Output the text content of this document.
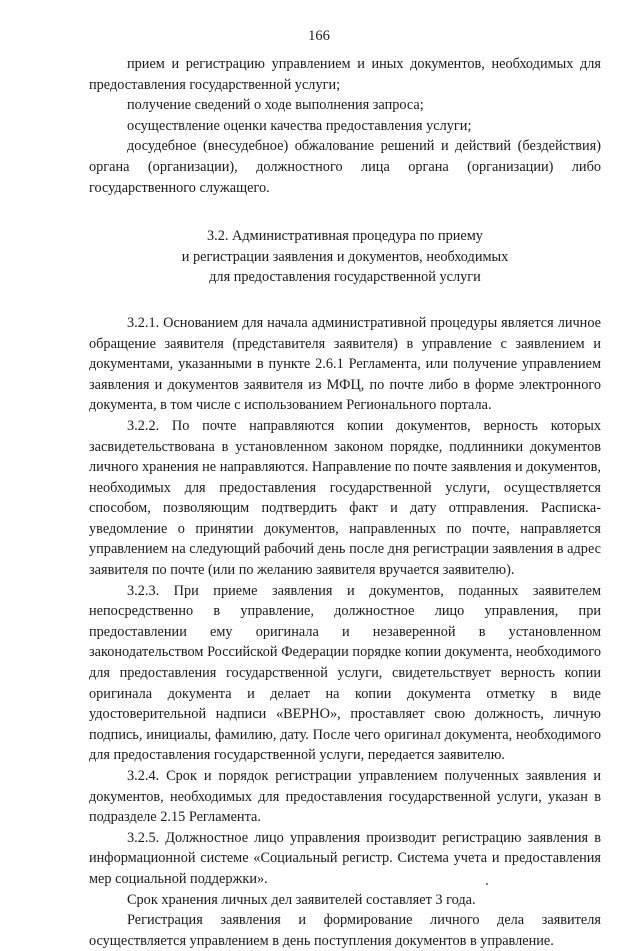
166

прием и регистрацию управлением и иных документов, необходимых для предоставления государственной услуги;

получение сведений о ходе выполнения запроса;

осуществление оценки качества предоставления услуги;

досудебное (внесудебное) обжалование решений и действий (бездействия) органа (организации), должностного лица органа (организации) либо государственного служащего.

3.2. Административная процедура по приему
и регистрации заявления и документов, необходимых
для предоставления государственной услуги

3.2.1. Основанием для начала административной процедуры является личное обращение заявителя (представителя заявителя) в управление с заявлением и документами, указанными в пункте 2.6.1 Регламента, или получение управлением заявления и документов заявителя из МФЦ, по почте либо в форме электронного документа, в том числе с использованием Регионального портала.

3.2.2. По почте направляются копии документов, верность которых засвидетельствована в установленном законом порядке, подлинники документов личного хранения не направляются. Направление по почте заявления и документов, необходимых для предоставления государственной услуги, осуществляется способом, позволяющим подтвердить факт и дату отправления. Расписка-уведомление о принятии документов, направленных по почте, направляется управлением на следующий рабочий день после дня регистрации заявления в адрес заявителя по почте (или по желанию заявителя вручается заявителю).

3.2.3. При приеме заявления и документов, поданных заявителем непосредственно в управление, должностное лицо управления, при предоставлении ему оригинала и незаверенной в установленном законодательством Российской Федерации порядке копии документа, необходимого для предоставления государственной услуги, свидетельствует верность копии оригинала документа и делает на копии документа отметку в виде удостоверительной надписи «ВЕРНО», проставляет свою должность, личную подпись, инициалы, фамилию, дату. После чего оригинал документа, необходимого для предоставления государственной услуги, передается заявителю.

3.2.4. Срок и порядок регистрации управлением полученных заявления и документов, необходимых для предоставления государственной услуги, указан в подразделе 2.15 Регламента.

3.2.5. Должностное лицо управления производит регистрацию заявления в информационной системе «Социальный регистр. Система учета и предоставления мер социальной поддержки».

Срок хранения личных дел заявителей составляет 3 года.

Регистрация заявления и формирование личного дела заявителя осуществляется управлением в день поступления документов в управление.
